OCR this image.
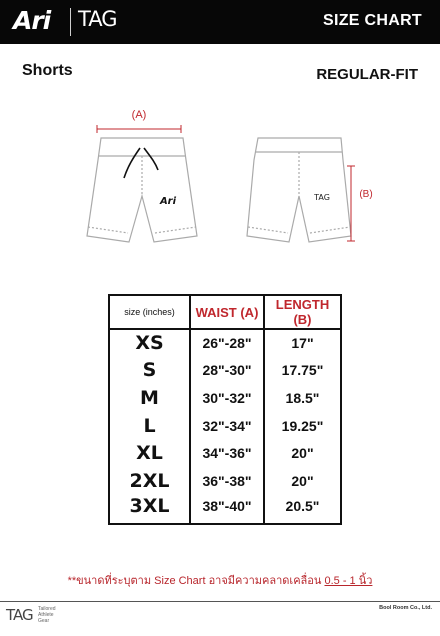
Ari TAG	SIZE CHART
Shorts	REGULAR-FIT
(A)
Ari	TAG	(B)
size (inches)	WAIST (A)	LENGTH (B)
XS	26"-28"	17"
S	28"-30"	17.75"
M	30"-32"	18.5"
L	32"-34"	19.25"
XL	34"-36"	20"
2XL	36"-38"	20"
3XL	38"-40"	20.5"
**ขนาดที่ระบุตาม Size Chart อาจมีความคลาดเคลื่อน 0.5 - 1 นิ้ว
TAG Tailored
Athlete
Gear
Bool Room Co., Ltd.
